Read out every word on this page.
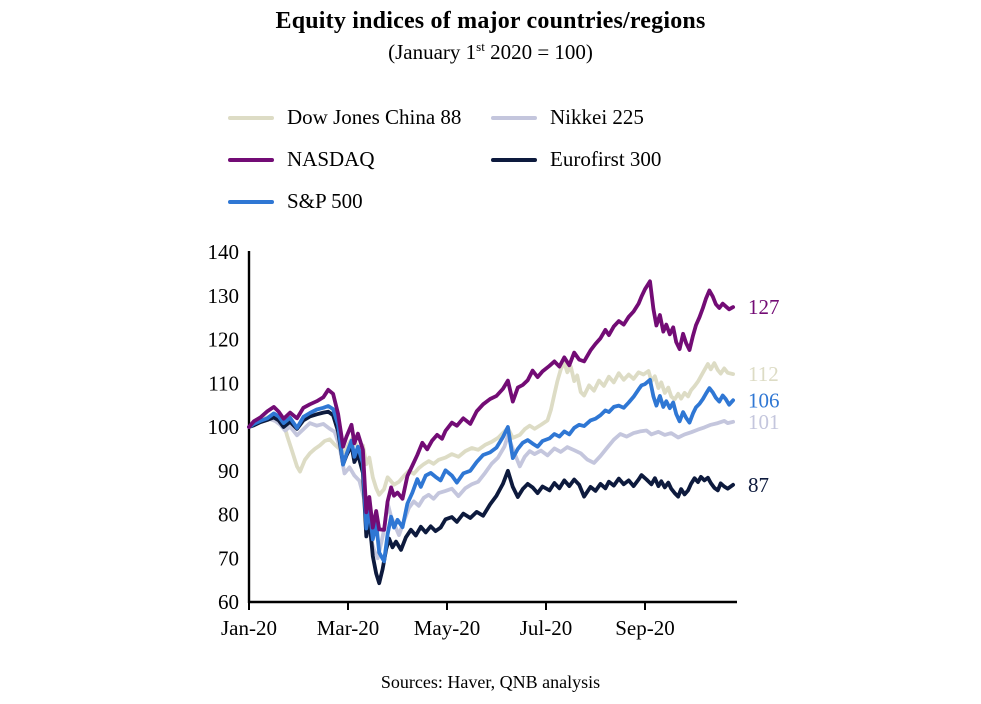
Equity indices of major countries/regions
(January 1st 2020 = 100)
Dow Jones China 88	Nikkei 225
NASDAQ	Eurofirst 300
S&P 500
60
70
80
90
100
110
120
130
140
Jan-20 Mar-20 May-20 Jul-20 Sep-20
112
101
87
106
127
Sources: Haver, QNB analysis
